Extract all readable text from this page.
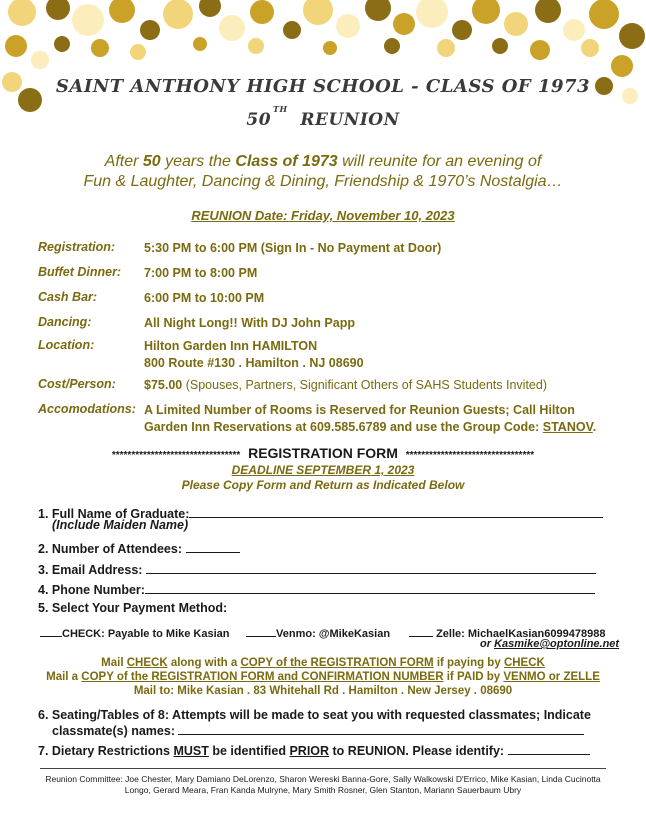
SAINT ANTHONY HIGH SCHOOL - CLASS OF 1973
50TH  REUNION
After 50 years the Class of 1973 will reunite for an evening of
Fun & Laughter, Dancing & Dining, Friendship & 1970’s Nostalgia…
REUNION Date: Friday, November 10, 2023
Registration: 5:30 PM to 6:00 PM (Sign In - No Payment at Door)
Buffet Dinner: 7:00 PM to 8:00 PM
Cash Bar:	6:00 PM to 10:00 PM
Dancing:	All Night Long!! With DJ John Papp
Location:	Hilton Garden Inn HAMILTON
800 Route #130 . Hamilton . NJ 08690
Cost/Person: $75.00 (Spouses, Partners, Significant Others of SAHS Students Invited)
Accomodations: A Limited Number of Rooms is Reserved for Reunion Guests; Call Hilton
Garden Inn Reservations at 609.585.6789 and use the Group Code: STANOV.
********************************* REGISTRATION FORM *********************************
DEADLINE SEPTEMBER 1, 2023
Please Copy Form and Return as Indicated Below
1. Full Name of Graduate:
(Include Maiden Name)
2. Number of Attendees:
3. Email Address:
4. Phone Number:
5. Select Your Payment Method:
CHECK: Payable to Mike Kasian	Venmo: @MikeKasian	Zelle: MichaelKasian6099478988
or Kasmike@optonline.net
Mail CHECK along with a COPY of the REGISTRATION FORM if paying by CHECK
Mail a COPY of the REGISTRATION FORM and CONFIRMATION NUMBER if PAID by VENMO or ZELLE
Mail to: Mike Kasian . 83 Whitehall Rd . Hamilton . New Jersey . 08690
6. Seating/Tables of 8: Attempts will be made to seat you with requested classmates; Indicate
classmate(s) names:
7. Dietary Restrictions MUST be identified PRIOR to REUNION. Please identify:
Reunion Committee: Joe Chester, Mary Damiano DeLorenzo, Sharon Wereski Banna-Gore, Sally Walkowski D'Errico, Mike Kasian, Linda Cucinotta
Longo, Gerard Meara, Fran Kanda Mulryne, Mary Smith Rosner, Glen Stanton, Mariann Sauerbaum Ubry
